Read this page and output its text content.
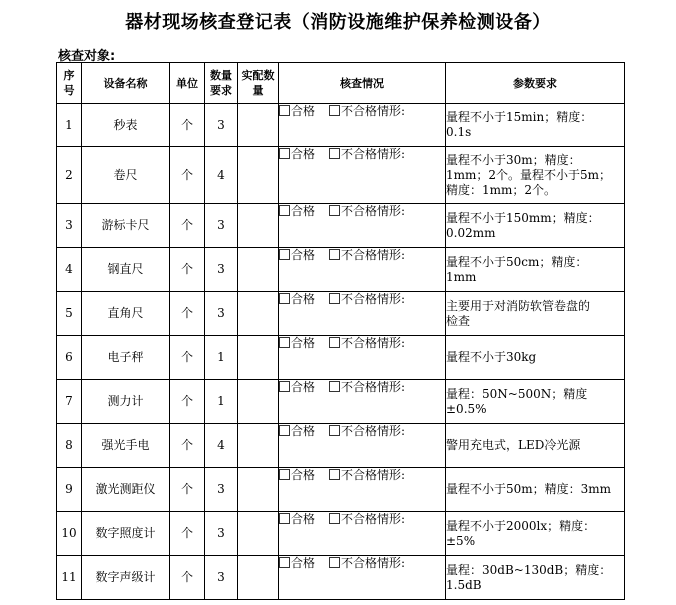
器材现场核查登记表（消防设施维护保养检测设备）
核查对象:
序号	设备名称	单位	数量要求	实配数量	核查情况	参数要求
1	秒表	个	3		合格 不合格情形:	量程不小于15min；精度：
0.1s

2	卷尺	个	4		合格 不合格情形:	量程不小于30m；精度：
1mm；2个。量程不小于5m；
精度：1mm；2个。

3	游标卡尺	个	3		合格 不合格情形:	量程不小于150mm；精度：
0.02mm

4	钢直尺	个	3		合格 不合格情形:	量程不小于50cm；精度：
1mm

5	直角尺	个	3		合格 不合格情形:	主要用于对消防软管卷盘的
检查

6	电子秤	个	1		合格 不合格情形:	量程不小于30kg

7	测力计	个	1		合格 不合格情形:	量程：50N~500N；精度
±0.5%

8	强光手电	个	4		合格 不合格情形:	警用充电式，LED冷光源

9	激光测距仪	个	3		合格 不合格情形:	量程不小于50m；精度：3mm

10	数字照度计	个	3		合格 不合格情形:	量程不小于2000lx；精度：
±5%

11	数字声级计	个	3		合格 不合格情形:	量程：30dB~130dB；精度：
1.5dB
